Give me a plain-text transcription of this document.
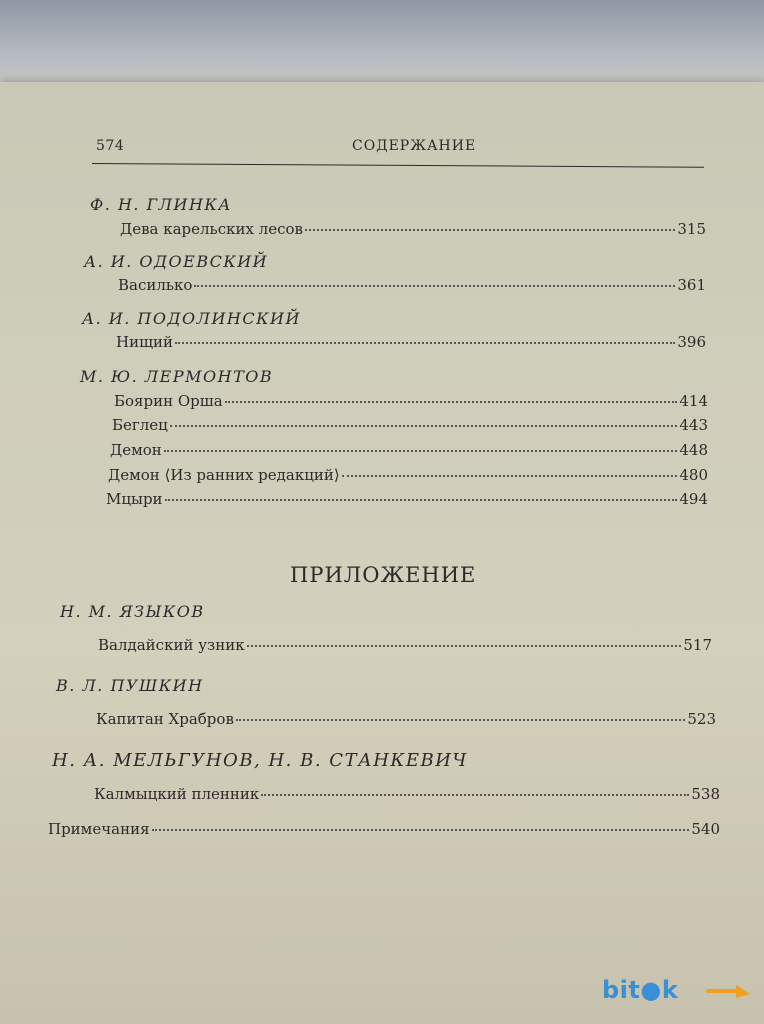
574	СОДЕРЖАНИЕ
Ф. Н. ГЛИНКА
Дева карельских лесов	315
А. И. ОДОЕВСКИЙ
Василько	361
А. И. ПОДОЛИНСКИЙ
Нищий	396
М. Ю. ЛЕРМОНТОВ
Боярин Орша	414
Беглец	443
Демон	448
Демон ⟨Из ранних редакций⟩	480
Мцыри	494
ПРИЛОЖЕНИЕ
Н. М. ЯЗЫКОВ
Валдайский узник	517
В. Л. ПУШКИН
Капитан Храбров	523
Н. А. МЕЛЬГУНОВ, Н. В. СТАНКЕВИЧ
Калмыцкий пленник	538
Примечания	540
bit●k
